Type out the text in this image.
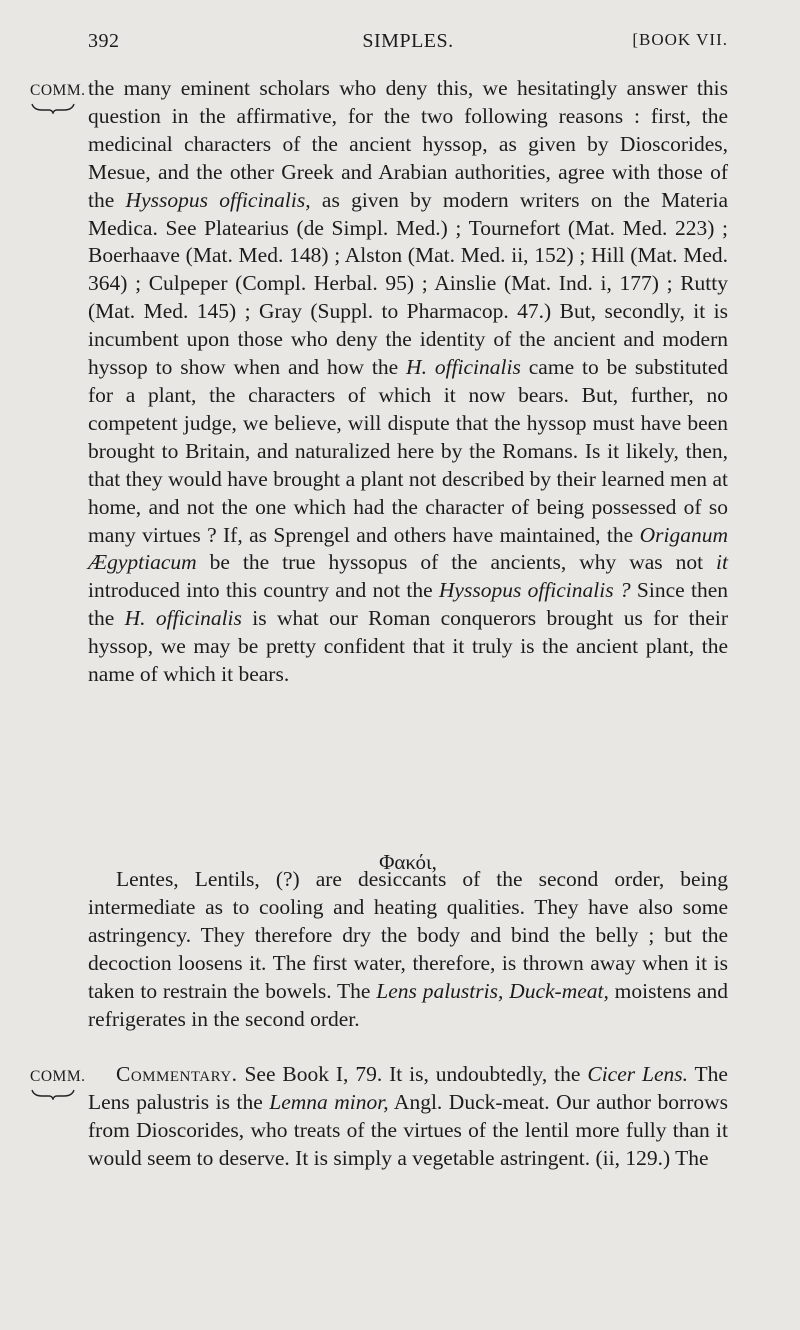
392	SIMPLES.	[BOOK VII.
COMM. the many eminent scholars who deny this, we hesitatingly answer this question in the affirmative, for the two following reasons : first, the medicinal characters of the ancient hyssop, as given by Dioscorides, Mesue, and the other Greek and Arabian authorities, agree with those of the Hyssopus officinalis, as given by modern writers on the Materia Medica. See Platearius (de Simpl. Med.) ; Tournefort (Mat. Med. 223) ; Boerhaave (Mat. Med. 148) ; Alston (Mat. Med. ii, 152) ; Hill (Mat. Med. 364) ; Culpeper (Compl. Herbal. 95) ; Ainslie (Mat. Ind. i, 177) ; Rutty (Mat. Med. 145) ; Gray (Suppl. to Pharmacop. 47.) But, secondly, it is incumbent upon those who deny the identity of the ancient and modern hyssop to show when and how the H. officinalis came to be substituted for a plant, the characters of which it now bears. But, further, no competent judge, we believe, will dispute that the hyssop must have been brought to Britain, and naturalized here by the Romans. Is it likely, then, that they would have brought a plant not described by their learned men at home, and not the one which had the character of being possessed of so many virtues ? If, as Sprengel and others have maintained, the Origanum Ægyptiacum be the true hyssopus of the ancients, why was not it introduced into this country and not the Hyssopus officinalis ? Since then the H. officinalis is what our Roman conquerors brought us for their hyssop, we may be pretty confident that it truly is the ancient plant, the name of which it bears.

Φακόι,

Lentes, Lentils, (?) are desiccants of the second order, being intermediate as to cooling and heating qualities. They have also some astringency. They therefore dry the body and bind the belly ; but the decoction loosens it. The first water, therefore, is thrown away when it is taken to restrain the bowels. The Lens palustris, Duck-meat, moistens and refrigerates in the second order.

COMM.	Commentary. See Book I, 79. It is, undoubtedly, the Cicer Lens. The Lens palustris is the Lemna minor, Angl. Duck-meat. Our author borrows from Dioscorides, who treats of the virtues of the lentil more fully than it would seem to deserve. It is simply a vegetable astringent. (ii, 129.) The
